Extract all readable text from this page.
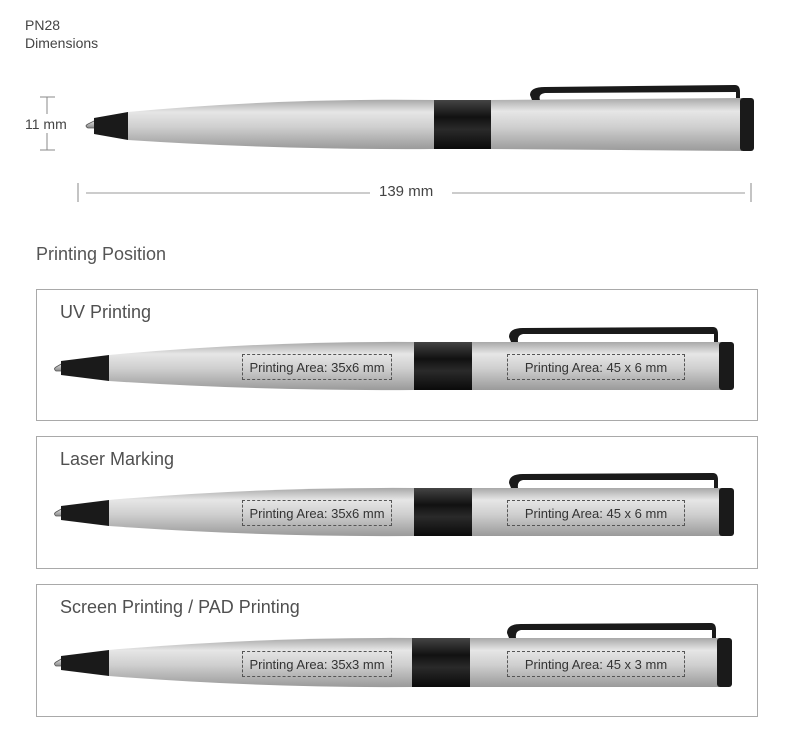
PN28
Dimensions
11 mm
139 mm
Printing Position
UV Printing
Printing Area: 35x6 mm	Printing Area: 45 x 6 mm
Laser Marking
Printing Area: 35x6 mm	Printing Area: 45 x 6 mm
Screen Printing / PAD Printing
Printing Area: 35x3 mm	Printing Area: 45 x 3 mm
